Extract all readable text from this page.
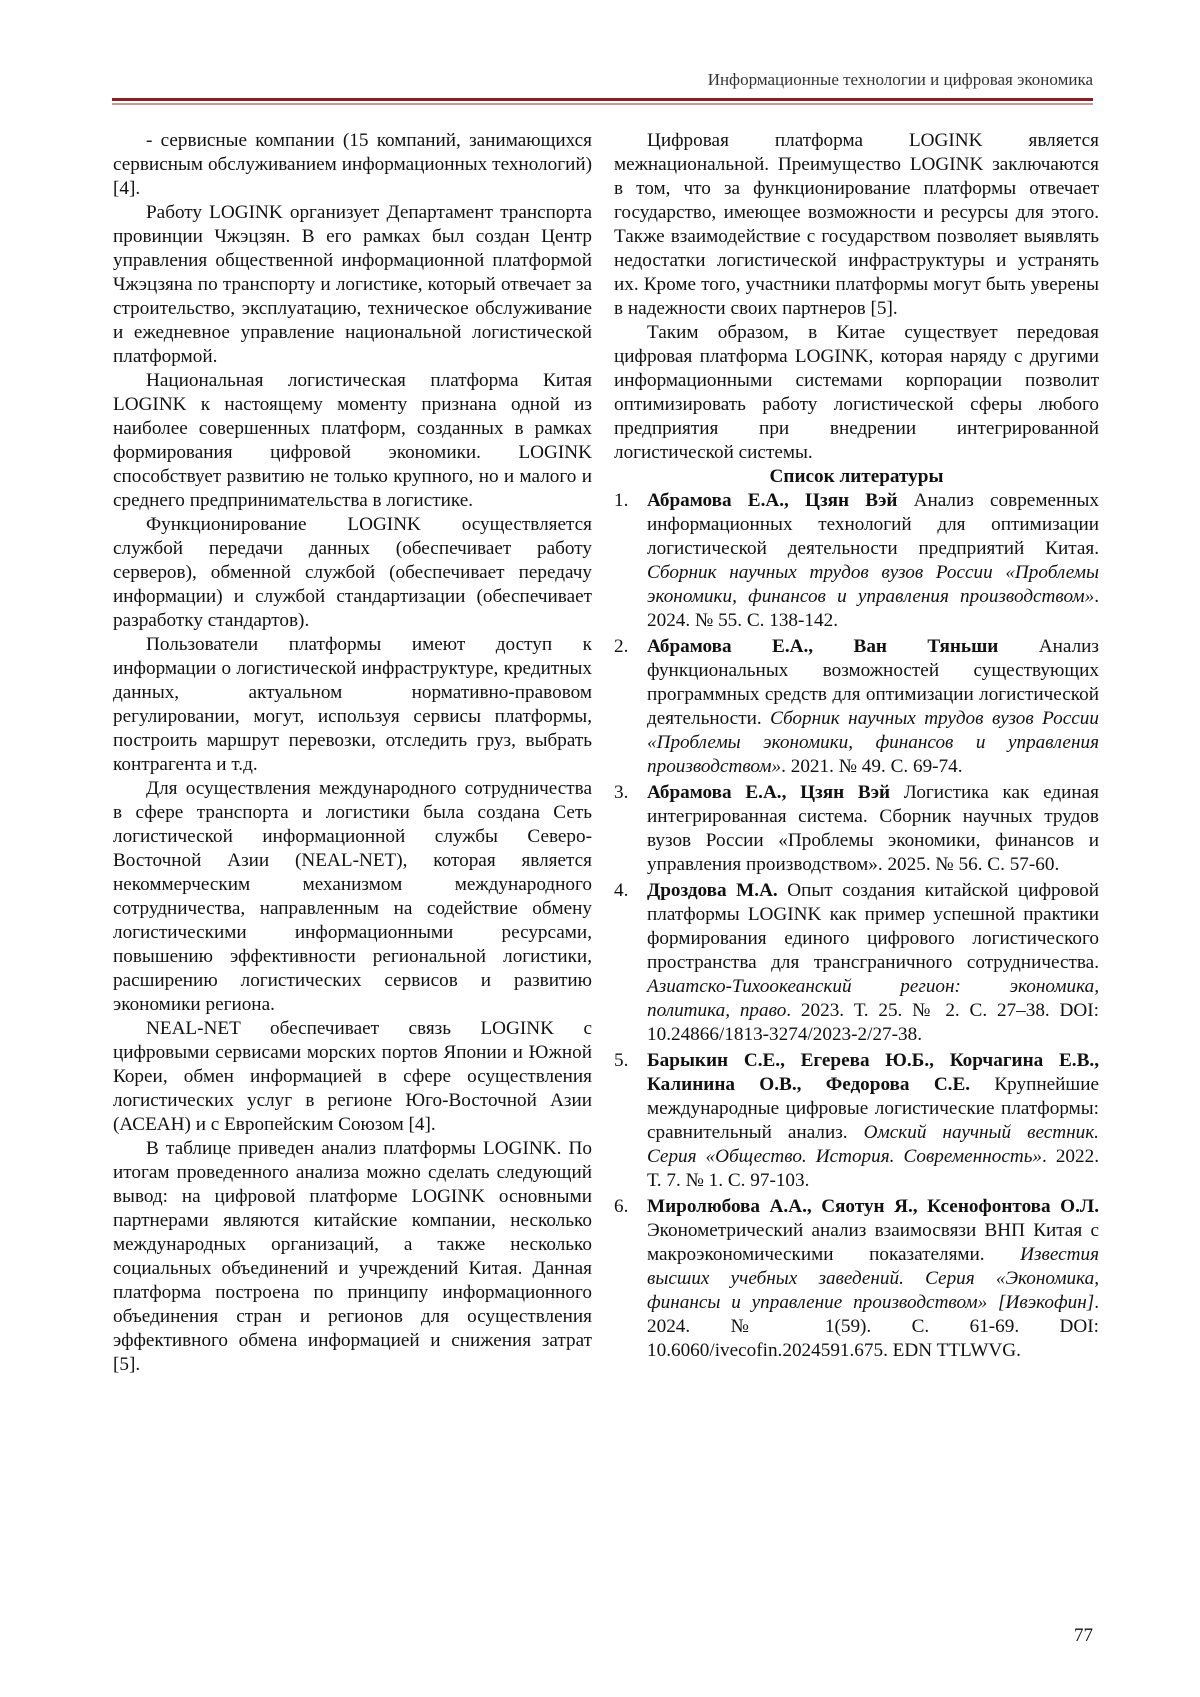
Информационные технологии и цифровая экономика

- сервисные компании (15 компаний, занимающихся сервисным обслуживанием информационных технологий) [4].

Работу LOGINK организует Департамент транспорта провинции Чжэцзян. В его рамках был создан Центр управления общественной информационной платформой Чжэцзяна по транспорту и логистике, который отвечает за строительство, эксплуатацию, техническое обслуживание и ежедневное управление национальной логистической платформой.

Национальная логистическая платформа Китая LOGINK к настоящему моменту признана одной из наиболее совершенных платформ, созданных в рамках формирования цифровой экономики. LOGINK способствует развитию не только крупного, но и малого и среднего предпринимательства в логистике.

Функционирование LOGINK осуществляется службой передачи данных (обеспечивает работу серверов), обменной службой (обеспечивает передачу информации) и службой стандартизации (обеспечивает разработку стандартов).

Пользователи платформы имеют доступ к информации о логистической инфраструктуре, кредитных данных, актуальном нормативно-правовом регулировании, могут, используя сервисы платформы, построить маршрут перевозки, отследить груз, выбрать контрагента и т.д.

Для осуществления международного сотрудничества в сфере транспорта и логистики была создана Сеть логистической информационной службы Северо-Восточной Азии (NEAL-NET), которая является некоммерческим механизмом международного сотрудничества, направленным на содействие обмену логистическими информационными ресурсами, повышению эффективности региональной логистики, расширению логистических сервисов и развитию экономики региона.

NEAL-NET обеспечивает связь LOGINK с цифровыми сервисами морских портов Японии и Южной Кореи, обмен информацией в сфере осуществления логистических услуг в регионе Юго-Восточной Азии (АСЕАН) и с Европейским Союзом [4].

В таблице приведен анализ платформы LOGINK. По итогам проведенного анализа можно сделать следующий вывод: на цифровой платформе LOGINK основными партнерами являются китайские компании, несколько международных организаций, а также несколько социальных объединений и учреждений Китая. Данная платформа построена по принципу информационного объединения стран и регионов для осуществления эффективного обмена информацией и снижения затрат [5].

Цифровая платформа LOGINK является межнациональной. Преимущество LOGINK заключаются в том, что за функционирование платформы отвечает государство, имеющее возможности и ресурсы для этого. Также взаимодействие с государством позволяет выявлять недостатки логистической инфраструктуры и устранять их. Кроме того, участники платформы могут быть уверены в надежности своих партнеров [5].

Таким образом, в Китае существует передовая цифровая платформа LOGINK, которая наряду с другими информационными системами корпорации позволит оптимизировать работу логистической сферы любого предприятия при внедрении интегрированной логистической системы.

Список литературы

1. Абрамова Е.А., Цзян Вэй Анализ современных информационных технологий для оптимизации логистической деятельности предприятий Китая. Сборник научных трудов вузов России «Проблемы экономики, финансов и управления производством». 2024. № 55. С. 138-142.
2. Абрамова Е.А., Ван Тяньши Анализ функциональных возможностей существующих программных средств для оптимизации логистической деятельности. Сборник научных трудов вузов России «Проблемы экономики, финансов и управления производством». 2021. № 49. С. 69-74.
3. Абрамова Е.А., Цзян Вэй Логистика как единая интегрированная система. Сборник научных трудов вузов России «Проблемы экономики, финансов и управления производством». 2025. № 56. С. 57-60.
4. Дроздова М.А. Опыт создания китайской цифровой платформы LOGINK как пример успешной практики формирования единого цифрового логистического пространства для трансграничного сотрудничества. Азиатско-Тихоокеанский регион: экономика, политика, право. 2023. Т. 25. № 2. С. 27–38. DOI: 10.24866/1813-3274/2023-2/27-38.
5. Барыкин С.Е., Егерева Ю.Б., Корчагина Е.В., Калинина О.В., Федорова С.Е. Крупнейшие международные цифровые логистические платформы: сравнительный анализ. Омский научный вестник. Серия «Общество. История. Современность». 2022. Т. 7. № 1. С. 97-103.
6. Миролюбова А.А., Сяотун Я., Ксенофонтова О.Л. Эконометрический анализ взаимосвязи ВНП Китая с макроэкономическими показателями. Известия высших учебных заведений. Серия «Экономика, финансы и управление производством» [Ивэкофин]. 2024. № 1(59). С. 61-69. DOI: 10.6060/ivecofin.2024591.675. EDN TTLWVG.
77
